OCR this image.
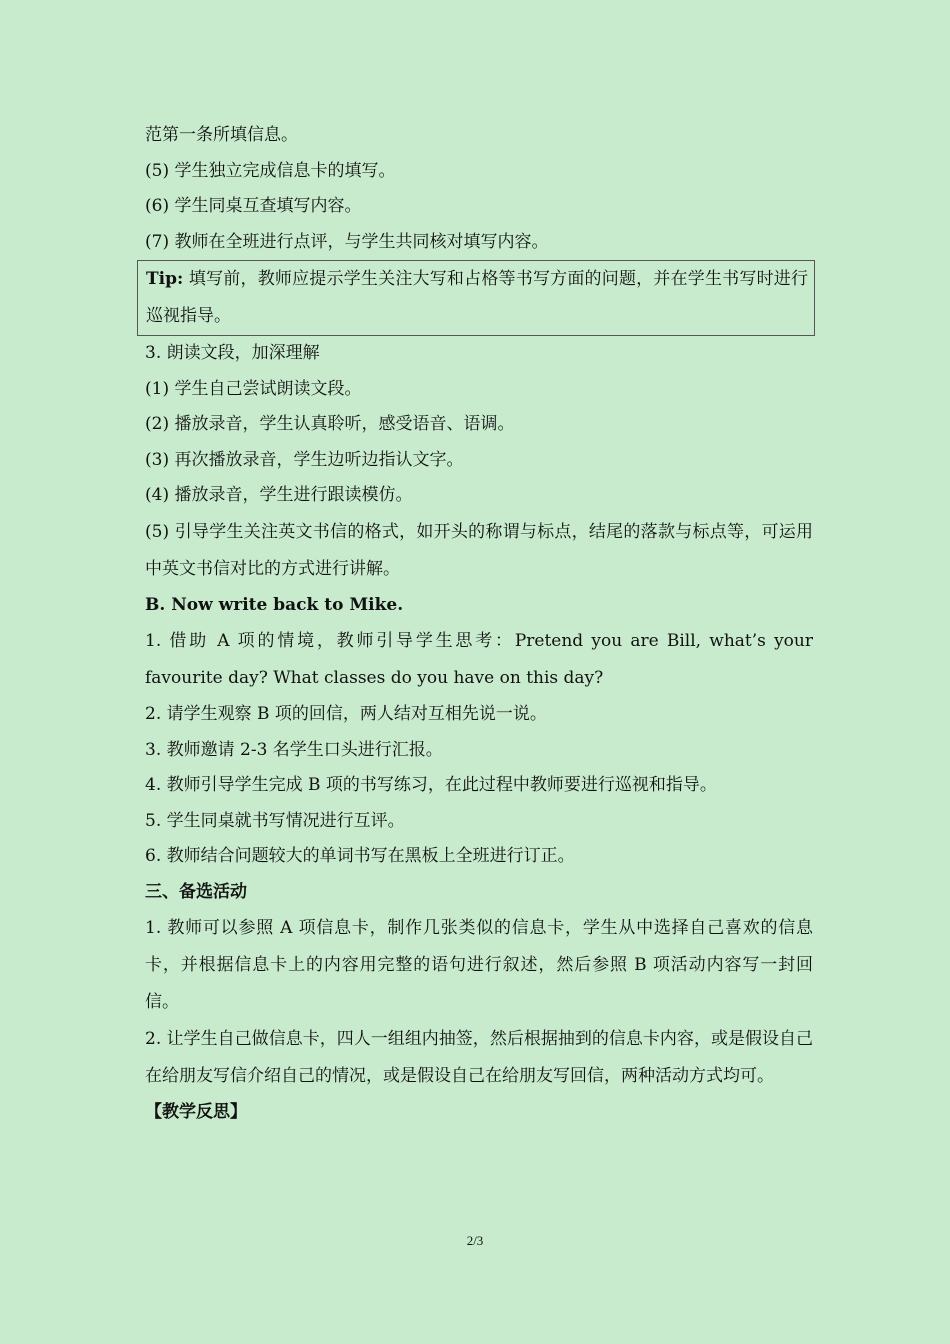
范第一条所填信息。
(5) 学生独立完成信息卡的填写。
(6) 学生同桌互查填写内容。
(7) 教师在全班进行点评，与学生共同核对填写内容。
Tip: 填写前，教师应提示学生关注大写和占格等书写方面的问题，并在学生书写时进行巡视指导。
3. 朗读文段，加深理解
(1) 学生自己尝试朗读文段。
(2) 播放录音，学生认真聆听，感受语音、语调。
(3) 再次播放录音，学生边听边指认文字。
(4) 播放录音，学生进行跟读模仿。
(5) 引导学生关注英文书信的格式，如开头的称谓与标点，结尾的落款与标点等，可运用中英文书信对比的方式进行讲解。
B. Now write back to Mike.
1. 借助 A 项的情境，教师引导学生思考：Pretend you are Bill, what’s your favourite day? What classes do you have on this day?
2. 请学生观察 B 项的回信，两人结对互相先说一说。
3. 教师邀请 2-3 名学生口头进行汇报。
4. 教师引导学生完成 B 项的书写练习，在此过程中教师要进行巡视和指导。
5. 学生同桌就书写情况进行互评。
6. 教师结合问题较大的单词书写在黑板上全班进行订正。
三、备选活动
1. 教师可以参照 A 项信息卡，制作几张类似的信息卡，学生从中选择自己喜欢的信息卡，并根据信息卡上的内容用完整的语句进行叙述，然后参照 B 项活动内容写一封回信。
2. 让学生自己做信息卡，四人一组组内抽签，然后根据抽到的信息卡内容，或是假设自己在给朋友写信介绍自己的情况，或是假设自己在给朋友写回信，两种活动方式均可。
【教学反思】
2/3
